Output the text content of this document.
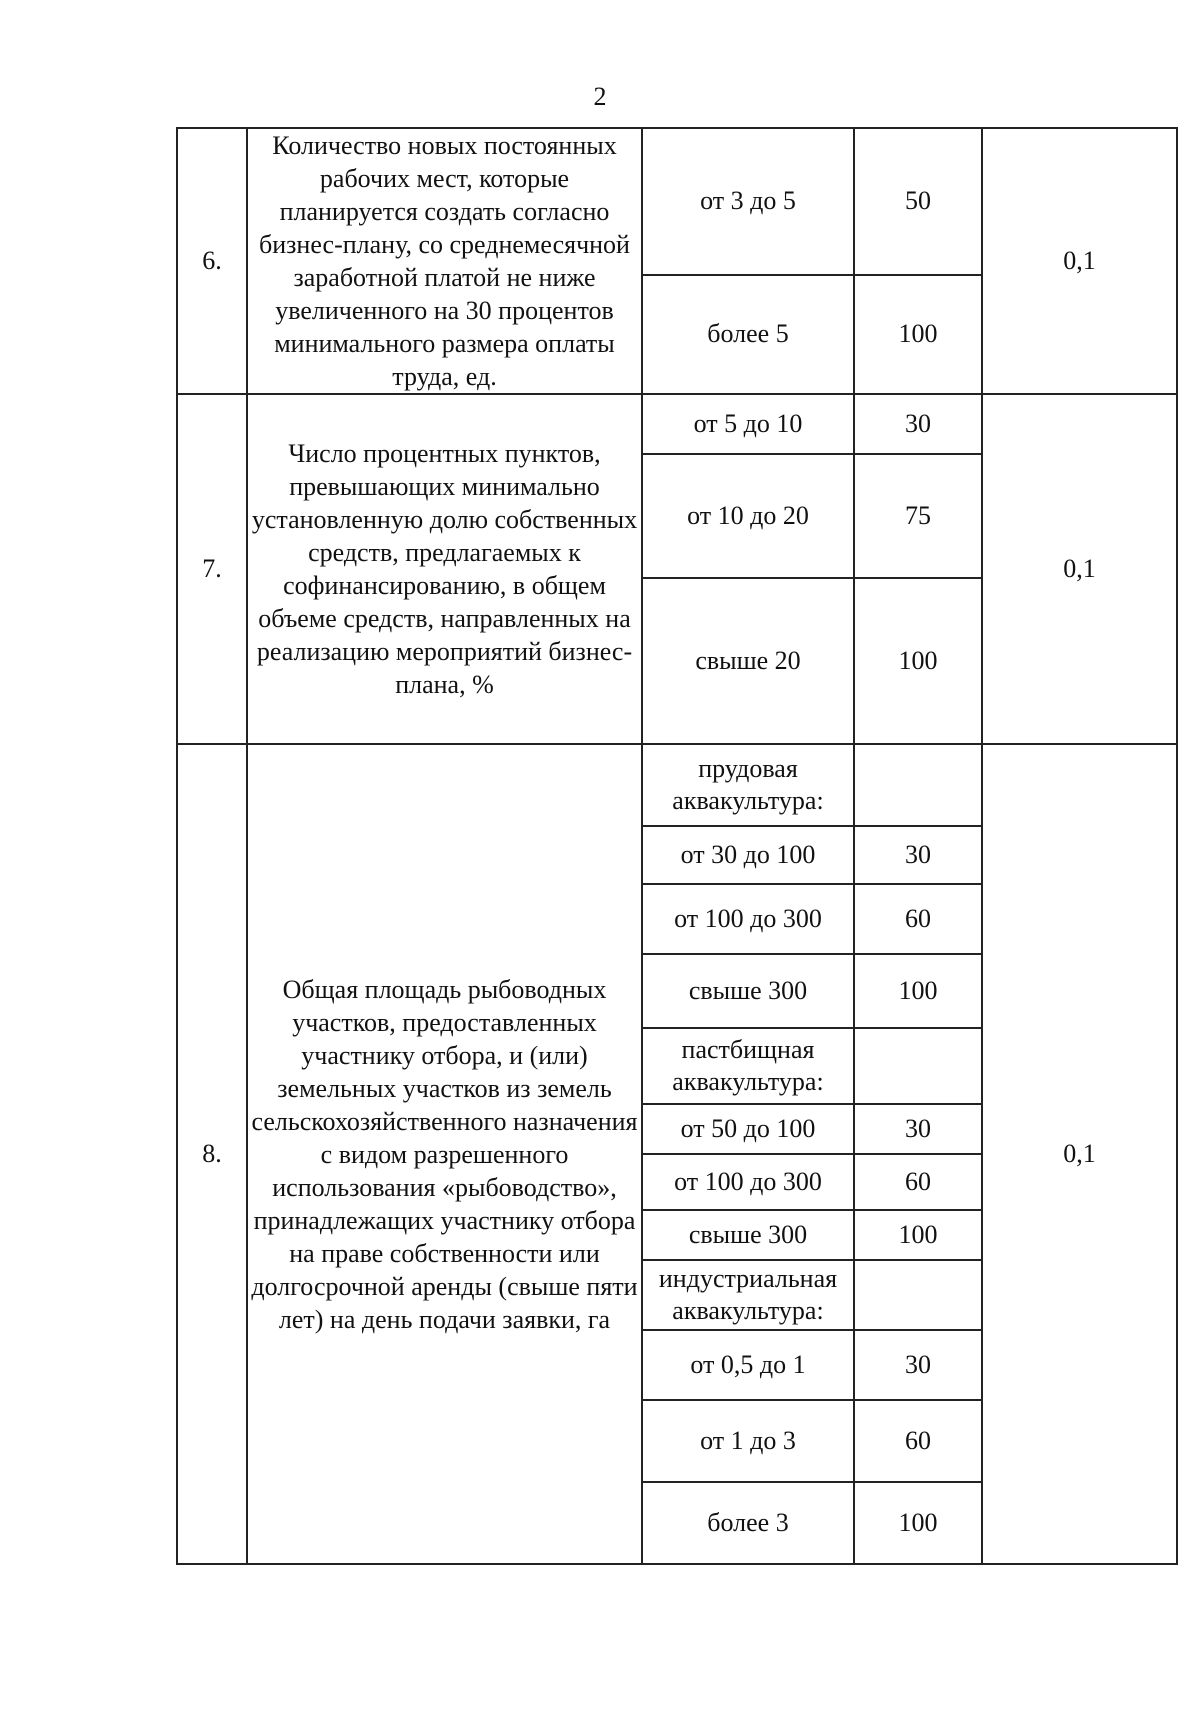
2
6.	Количество новых постоянных рабочих мест, которые планируется создать согласно бизнес-плану, со среднемесячной заработной платой не ниже увеличенного на 30 процентов минимального размера оплаты труда, ед.	от 3 до 5	50	0,1
		более 5	100	
7.	Число процентных пунктов, превышающих минимально установленную долю собственных средств, предлагаемых к софинансированию, в общем объеме средств, направленных на реализацию мероприятий бизнес-плана, %	от 5 до 10	30	0,1
		от 10 до 20	75	
		свыше 20	100	
8.	Общая площадь рыбоводных участков, предоставленных участнику отбора, и (или) земельных участков из земель сельскохозяйственного назначения с видом разрешенного использования «рыбоводство», принадлежащих участнику отбора на праве собственности или долгосрочной аренды (свыше пяти лет) на день подачи заявки, га	прудовая аквакультура:		0,1
		от 30 до 100	30	
		от 100 до 300	60	
		свыше 300	100	
		пастбищная аквакультура:		
		от 50 до 100	30	
		от 100 до 300	60	
		свыше 300	100	
		индустриальная аквакультура:		
		от 0,5 до 1	30	
		от 1 до 3	60	
		более 3	100	
